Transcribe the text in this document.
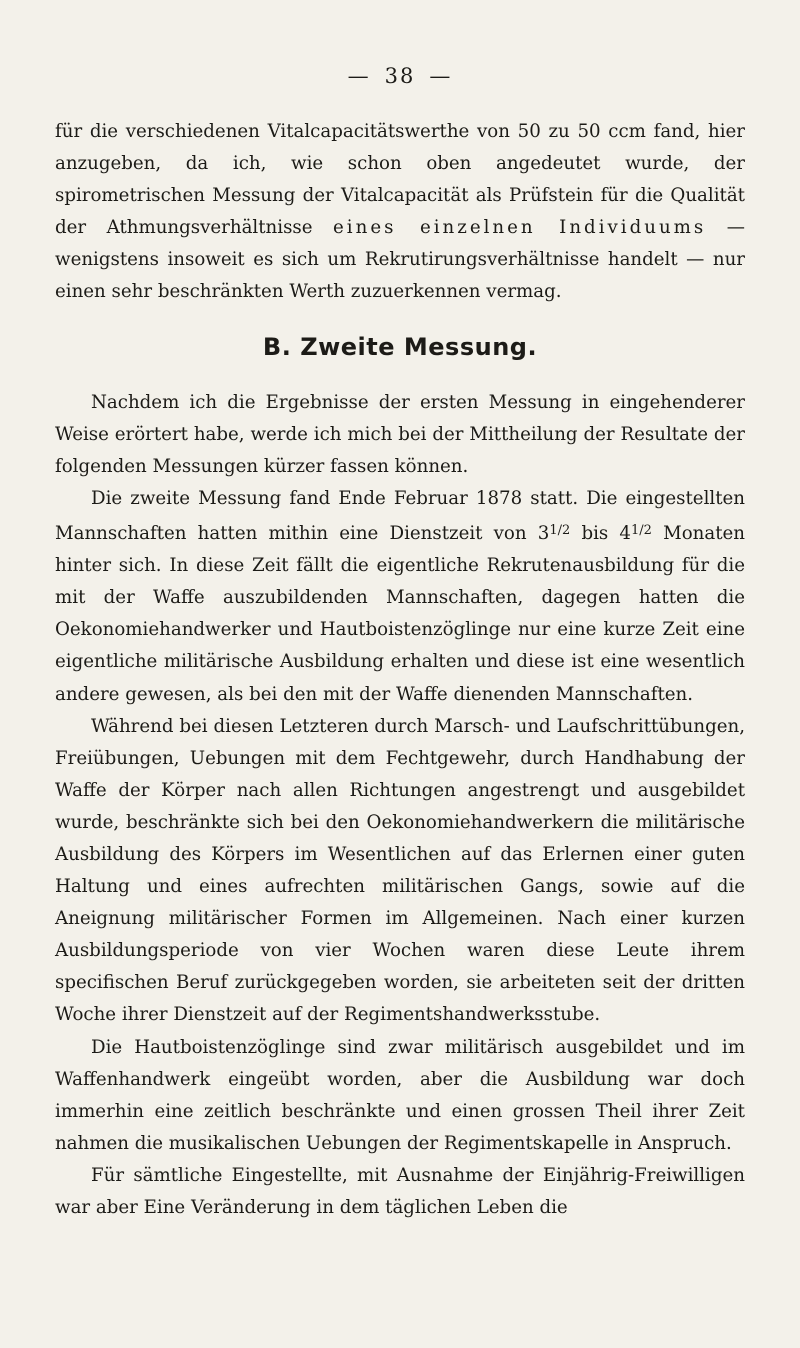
— 38 —

für die verschiedenen Vitalcapacitätswerthe von 50 zu 50 ccm fand, hier anzugeben, da ich, wie schon oben angedeutet wurde, der spirometrischen Messung der Vitalcapacität als Prüfstein für die Qualität der Athmungsverhältnisse eines einzelnen Individuums — wenigstens insoweit es sich um Rekrutirungsverhältnisse handelt — nur einen sehr beschränkten Werth zuzuerkennen vermag.

B. Zweite Messung.

Nachdem ich die Ergebnisse der ersten Messung in eingehenderer Weise erörtert habe, werde ich mich bei der Mittheilung der Resultate der folgenden Messungen kürzer fassen können.

Die zweite Messung fand Ende Februar 1878 statt. Die eingestellten Mannschaften hatten mithin eine Dienstzeit von $3^{1/2}$ bis $4^{1/2}$ Monaten hinter sich. In diese Zeit fällt die eigentliche Rekrutenausbildung für die mit der Waffe auszubildenden Mannschaften, dagegen hatten die Oekonomiehandwerker und Hautboistenzöglinge nur eine kurze Zeit eine eigentliche militärische Ausbildung erhalten und diese ist eine wesentlich andere gewesen, als bei den mit der Waffe dienenden Mannschaften.

Während bei diesen Letzteren durch Marsch- und Laufschrittübungen, Freiübungen, Uebungen mit dem Fechtgewehr, durch Handhabung der Waffe der Körper nach allen Richtungen angestrengt und ausgebildet wurde, beschränkte sich bei den Oekonomiehandwerkern die militärische Ausbildung des Körpers im Wesentlichen auf das Erlernen einer guten Haltung und eines aufrechten militärischen Gangs, sowie auf die Aneignung militärischer Formen im Allgemeinen. Nach einer kurzen Ausbildungsperiode von vier Wochen waren diese Leute ihrem specifischen Beruf zurückgegeben worden, sie arbeiteten seit der dritten Woche ihrer Dienstzeit auf der Regimentshandwerksstube.

Die Hautboistenzöglinge sind zwar militärisch ausgebildet und im Waffenhandwerk eingeübt worden, aber die Ausbildung war doch immerhin eine zeitlich beschränkte und einen grossen Theil ihrer Zeit nahmen die musikalischen Uebungen der Regimentskapelle in Anspruch.

Für sämtliche Eingestellte, mit Ausnahme der Einjährig-Freiwilligen war aber Eine Veränderung in dem täglichen Leben die
